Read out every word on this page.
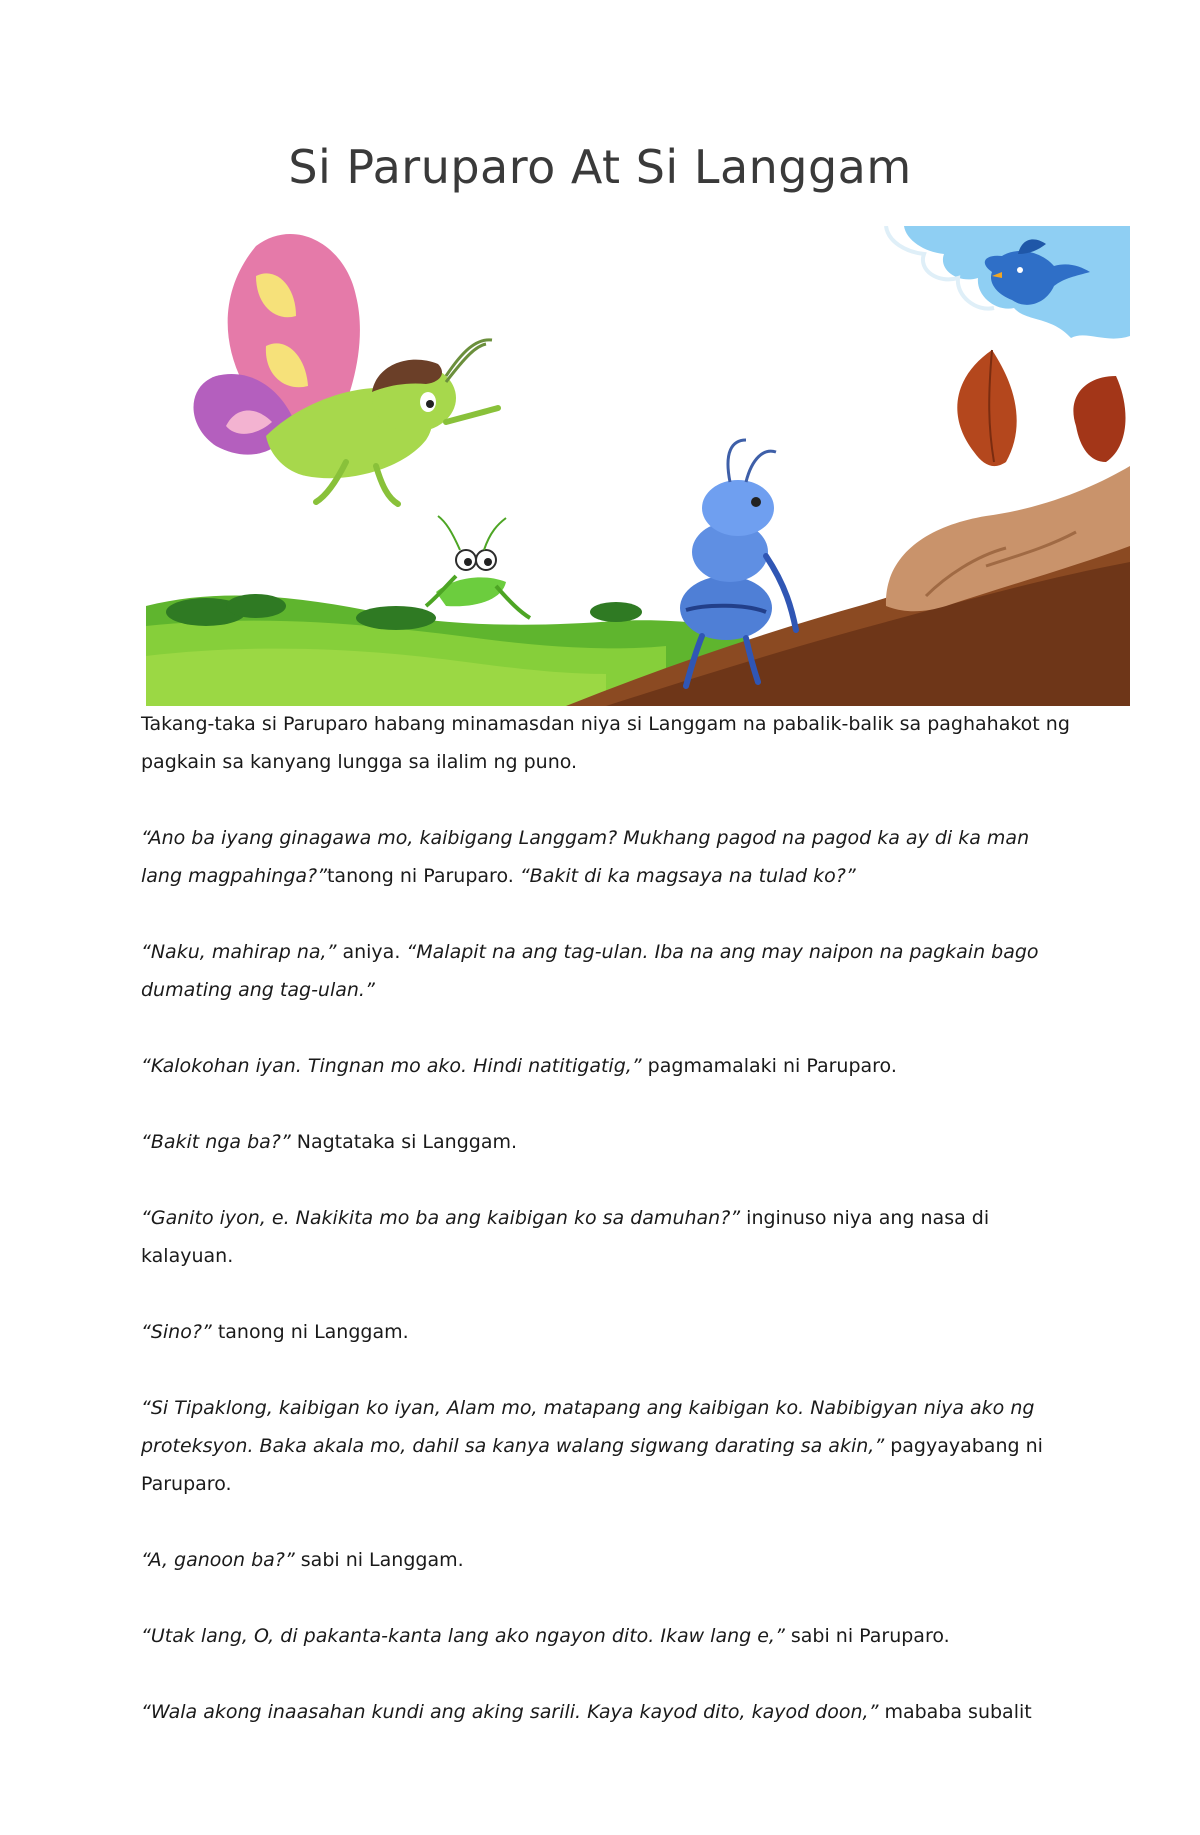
Si Paruparo At Si Langgam

Takang-taka si Paruparo habang minamasdan niya si Langgam na pabalik-balik sa paghahakot ng pagkain sa kanyang lungga sa ilalim ng puno.

“Ano ba iyang ginagawa mo, kaibigang Langgam? Mukhang pagod na pagod ka ay di ka man lang magpahinga?”tanong ni Paruparo. “Bakit di ka magsaya na tulad ko?”

“Naku, mahirap na,” aniya. “Malapit na ang tag-ulan. Iba na ang may naipon na pagkain bago dumating ang tag-ulan.”

“Kalokohan iyan. Tingnan mo ako. Hindi natitigatig,” pagmamalaki ni Paruparo.

“Bakit nga ba?” Nagtataka si Langgam.

“Ganito iyon, e. Nakikita mo ba ang kaibigan ko sa damuhan?” inginuso niya ang nasa di kalayuan.

“Sino?” tanong ni Langgam.

“Si Tipaklong, kaibigan ko iyan, Alam mo, matapang ang kaibigan ko. Nabibigyan niya ako ng proteksyon. Baka akala mo, dahil sa kanya walang sigwang darating sa akin,” pagyayabang ni Paruparo.

“A, ganoon ba?” sabi ni Langgam.

“Utak lang, O, di pakanta-kanta lang ako ngayon dito. Ikaw lang e,” sabi ni Paruparo.

“Wala akong inaasahan kundi ang aking sarili. Kaya kayod dito, kayod doon,” mababa subalit
